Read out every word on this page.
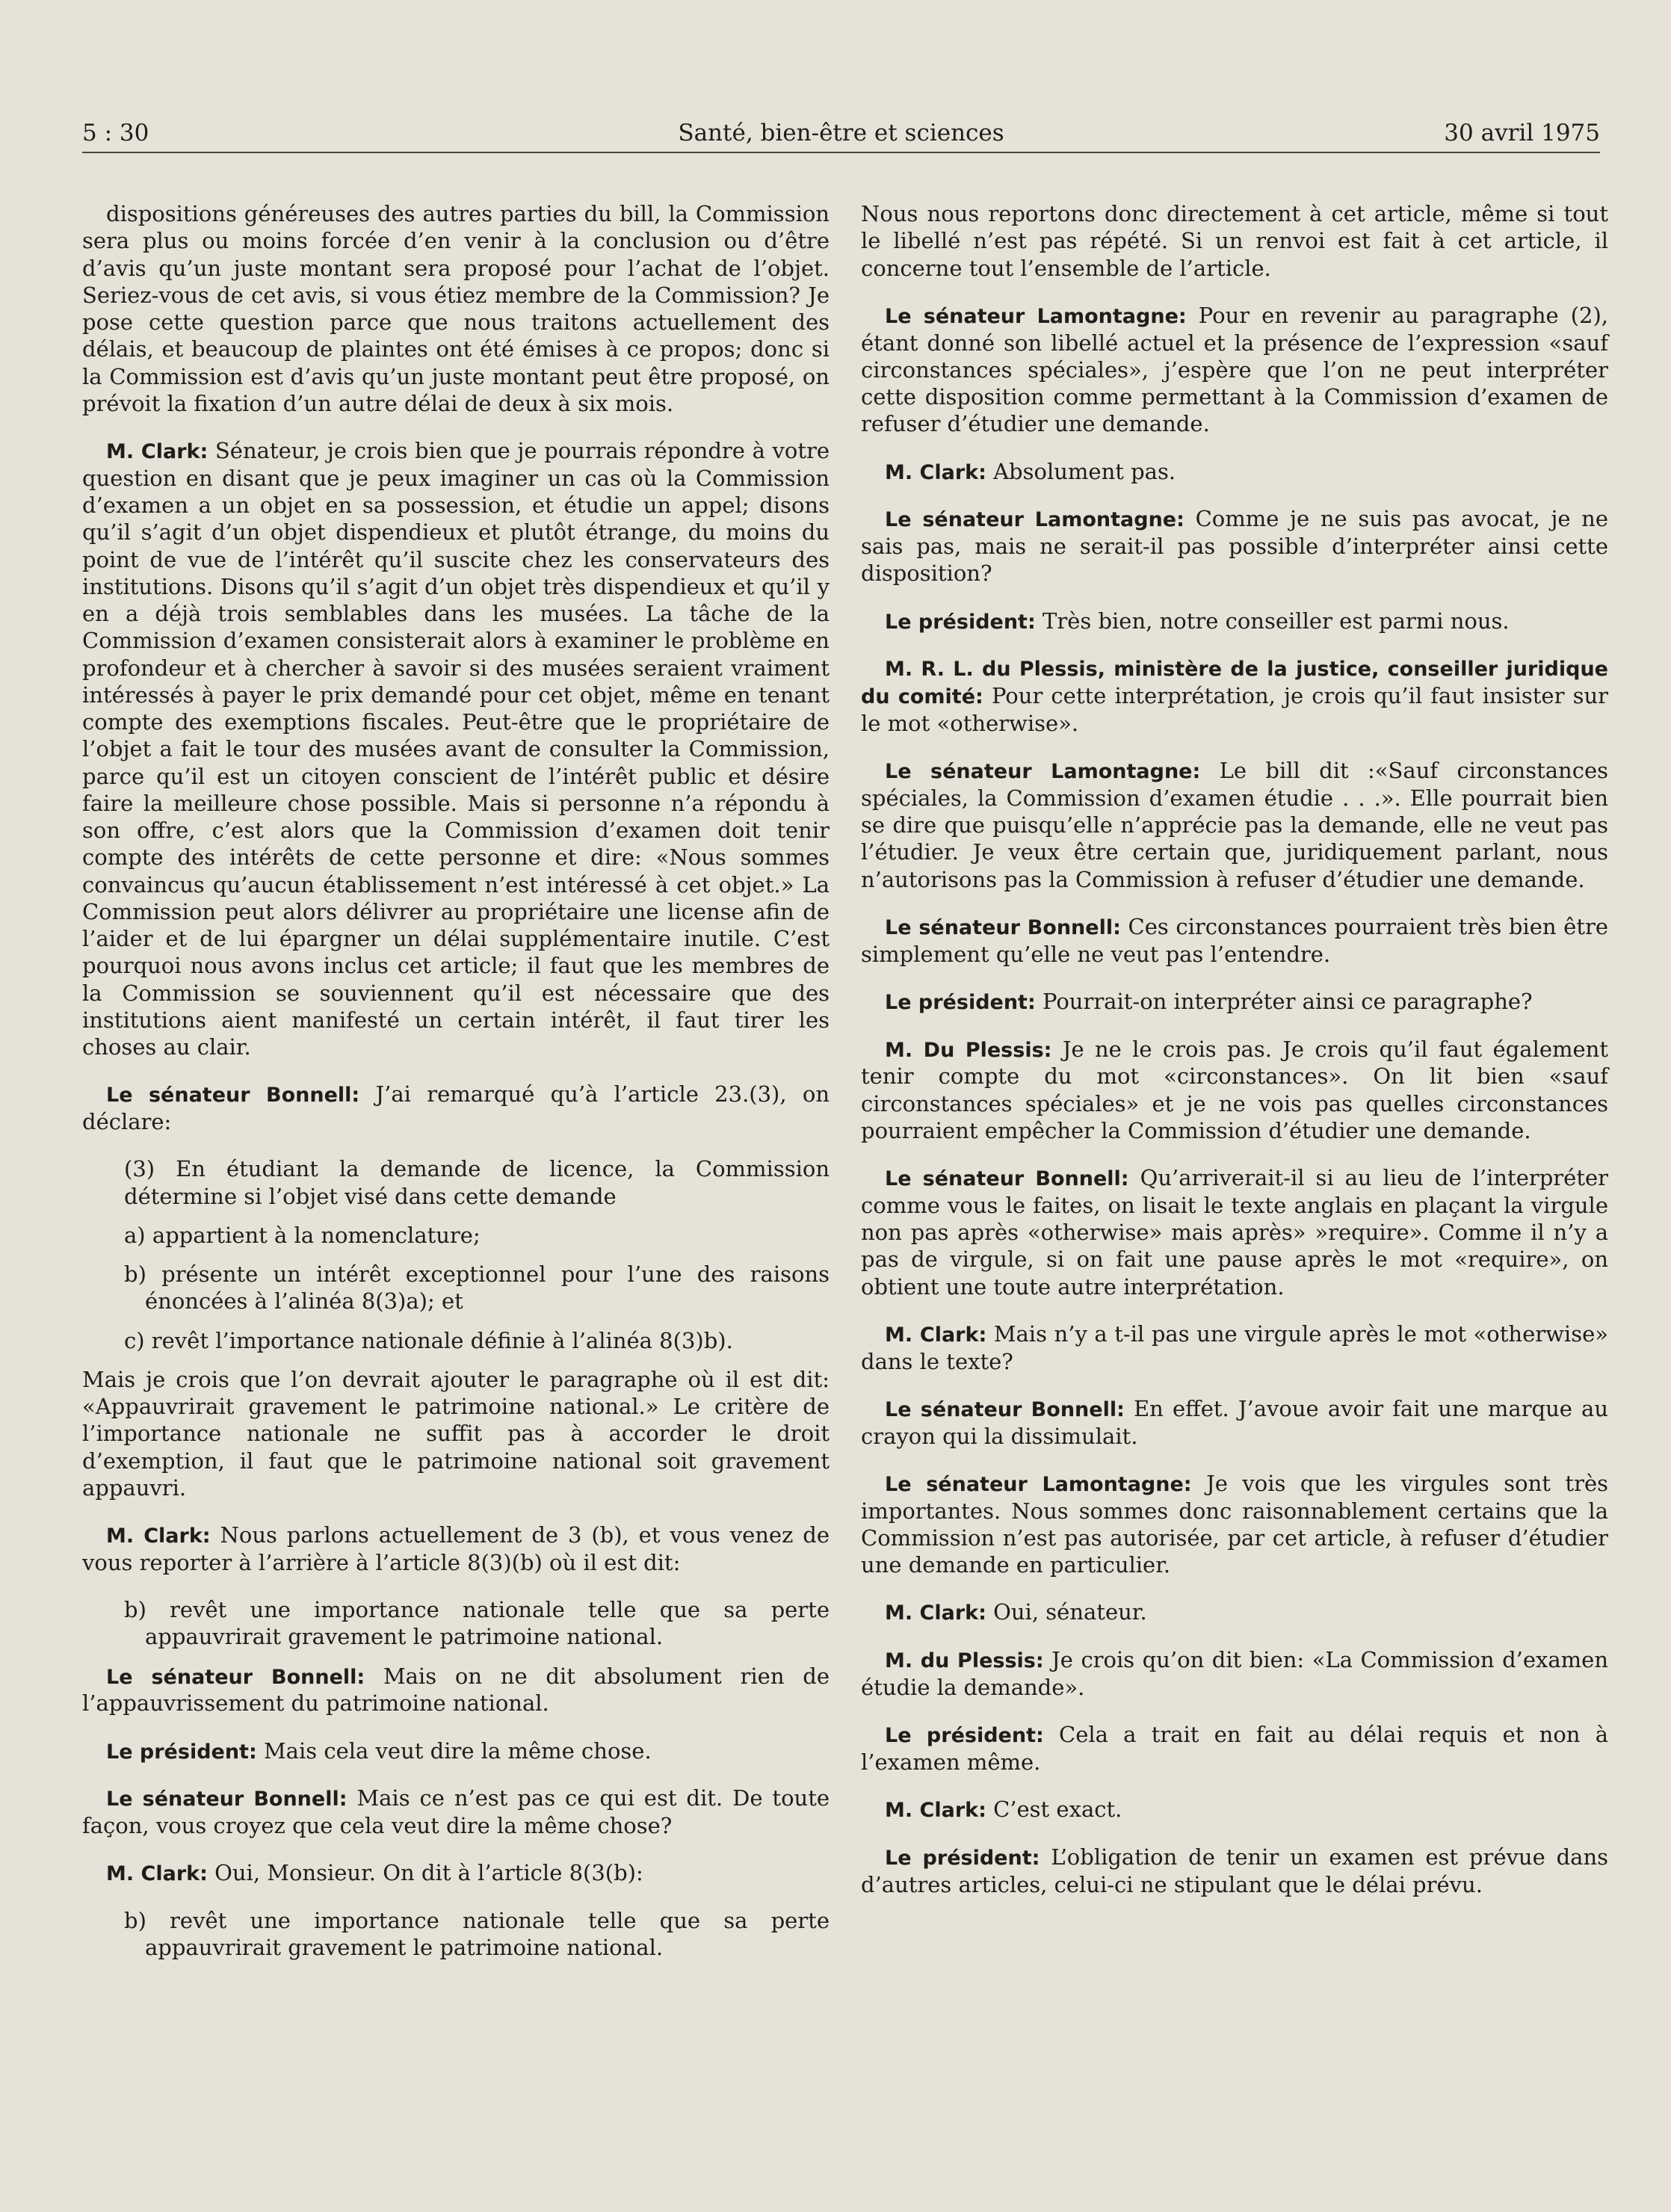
Santé, bien-être et sciences
5 : 30	30 avril 1975

dispositions généreuses des autres parties du bill, la Commission sera plus ou moins forcée d’en venir à la conclusion ou d’être d’avis qu’un juste montant sera proposé pour l’achat de l’objet. Seriez-vous de cet avis, si vous étiez membre de la Commission? Je pose cette question parce que nous traitons actuellement des délais, et beaucoup de plaintes ont été émises à ce propos; donc si la Commission est d’avis qu’un juste montant peut être proposé, on prévoit la fixation d’un autre délai de deux à six mois.

M. Clark: Sénateur, je crois bien que je pourrais répondre à votre question en disant que je peux imaginer un cas où la Commission d’examen a un objet en sa possession, et étudie un appel; disons qu’il s’agit d’un objet dispendieux et plutôt étrange, du moins du point de vue de l’intérêt qu’il suscite chez les conservateurs des institutions. Disons qu’il s’agit d’un objet très dispendieux et qu’il y en a déjà trois semblables dans les musées. La tâche de la Commission d’examen consisterait alors à examiner le problème en profondeur et à chercher à savoir si des musées seraient vraiment intéressés à payer le prix demandé pour cet objet, même en tenant compte des exemptions fiscales. Peut-être que le propriétaire de l’objet a fait le tour des musées avant de consulter la Commission, parce qu’il est un citoyen conscient de l’intérêt public et désire faire la meilleure chose possible. Mais si personne n’a répondu à son offre, c’est alors que la Commission d’examen doit tenir compte des intérêts de cette personne et dire: «Nous sommes convaincus qu’aucun établissement n’est intéressé à cet objet.» La Commission peut alors délivrer au propriétaire une license afin de l’aider et de lui épargner un délai supplémentaire inutile. C’est pourquoi nous avons inclus cet article; il faut que les membres de la Commission se souviennent qu’il est nécessaire que des institutions aient manifesté un certain intérêt, il faut tirer les choses au clair.

Le sénateur Bonnell: J’ai remarqué qu’à l’article 23.(3), on déclare:

(3) En étudiant la demande de licence, la Commission détermine si l’objet visé dans cette demande

a) appartient à la nomenclature;

b) présente un intérêt exceptionnel pour l’une des raisons énoncées à l’alinéa 8(3)a); et

c) revêt l’importance nationale définie à l’alinéa 8(3)b).

Mais je crois que l’on devrait ajouter le paragraphe où il est dit: «Appauvrirait gravement le patrimoine national.» Le critère de l’importance nationale ne suffit pas à accorder le droit d’exemption, il faut que le patrimoine national soit gravement appauvri.

M. Clark: Nous parlons actuellement de 3 (b), et vous venez de vous reporter à l’arrière à l’article 8(3)(b) où il est dit:

b) revêt une importance nationale telle que sa perte appauvrirait gravement le patrimoine national.

Le sénateur Bonnell: Mais on ne dit absolument rien de l’appauvrissement du patrimoine national.

Le président: Mais cela veut dire la même chose.

Le sénateur Bonnell: Mais ce n’est pas ce qui est dit. De toute façon, vous croyez que cela veut dire la même chose?

M. Clark: Oui, Monsieur. On dit à l’article 8(3(b):

b) revêt une importance nationale telle que sa perte appauvrirait gravement le patrimoine national.

Nous nous reportons donc directement à cet article, même si tout le libellé n’est pas répété. Si un renvoi est fait à cet article, il concerne tout l’ensemble de l’article.

Le sénateur Lamontagne: Pour en revenir au paragraphe (2), étant donné son libellé actuel et la présence de l’expression «sauf circonstances spéciales», j’espère que l’on ne peut interpréter cette disposition comme permettant à la Commission d’examen de refuser d’étudier une demande.

M. Clark: Absolument pas.

Le sénateur Lamontagne: Comme je ne suis pas avocat, je ne sais pas, mais ne serait-il pas possible d’interpréter ainsi cette disposition?

Le président: Très bien, notre conseiller est parmi nous.

M. R. L. du Plessis, ministère de la justice, conseiller juridique du comité: Pour cette interprétation, je crois qu’il faut insister sur le mot «otherwise».

Le sénateur Lamontagne: Le bill dit :«Sauf circonstances spéciales, la Commission d’examen étudie . . .». Elle pourrait bien se dire que puisqu’elle n’apprécie pas la demande, elle ne veut pas l’étudier. Je veux être certain que, juridiquement parlant, nous n’autorisons pas la Commission à refuser d’étudier une demande.

Le sénateur Bonnell: Ces circonstances pourraient très bien être simplement qu’elle ne veut pas l’entendre.

Le président: Pourrait-on interpréter ainsi ce paragraphe?

M. Du Plessis: Je ne le crois pas. Je crois qu’il faut également tenir compte du mot «circonstances». On lit bien «sauf circonstances spéciales» et je ne vois pas quelles circonstances pourraient empêcher la Commission d’étudier une demande.

Le sénateur Bonnell: Qu’arriverait-il si au lieu de l’interpréter comme vous le faites, on lisait le texte anglais en plaçant la virgule non pas après «otherwise» mais après» »require». Comme il n’y a pas de virgule, si on fait une pause après le mot «require», on obtient une toute autre interprétation.

M. Clark: Mais n’y a t-il pas une virgule après le mot «otherwise» dans le texte?

Le sénateur Bonnell: En effet. J’avoue avoir fait une marque au crayon qui la dissimulait.

Le sénateur Lamontagne: Je vois que les virgules sont très importantes. Nous sommes donc raisonnablement certains que la Commission n’est pas autorisée, par cet article, à refuser d’étudier une demande en particulier.

M. Clark: Oui, sénateur.

M. du Plessis: Je crois qu’on dit bien: «La Commission d’examen étudie la demande».

Le président: Cela a trait en fait au délai requis et non à l’examen même.

M. Clark: C’est exact.

Le président: L’obligation de tenir un examen est prévue dans d’autres articles, celui-ci ne stipulant que le délai prévu.
